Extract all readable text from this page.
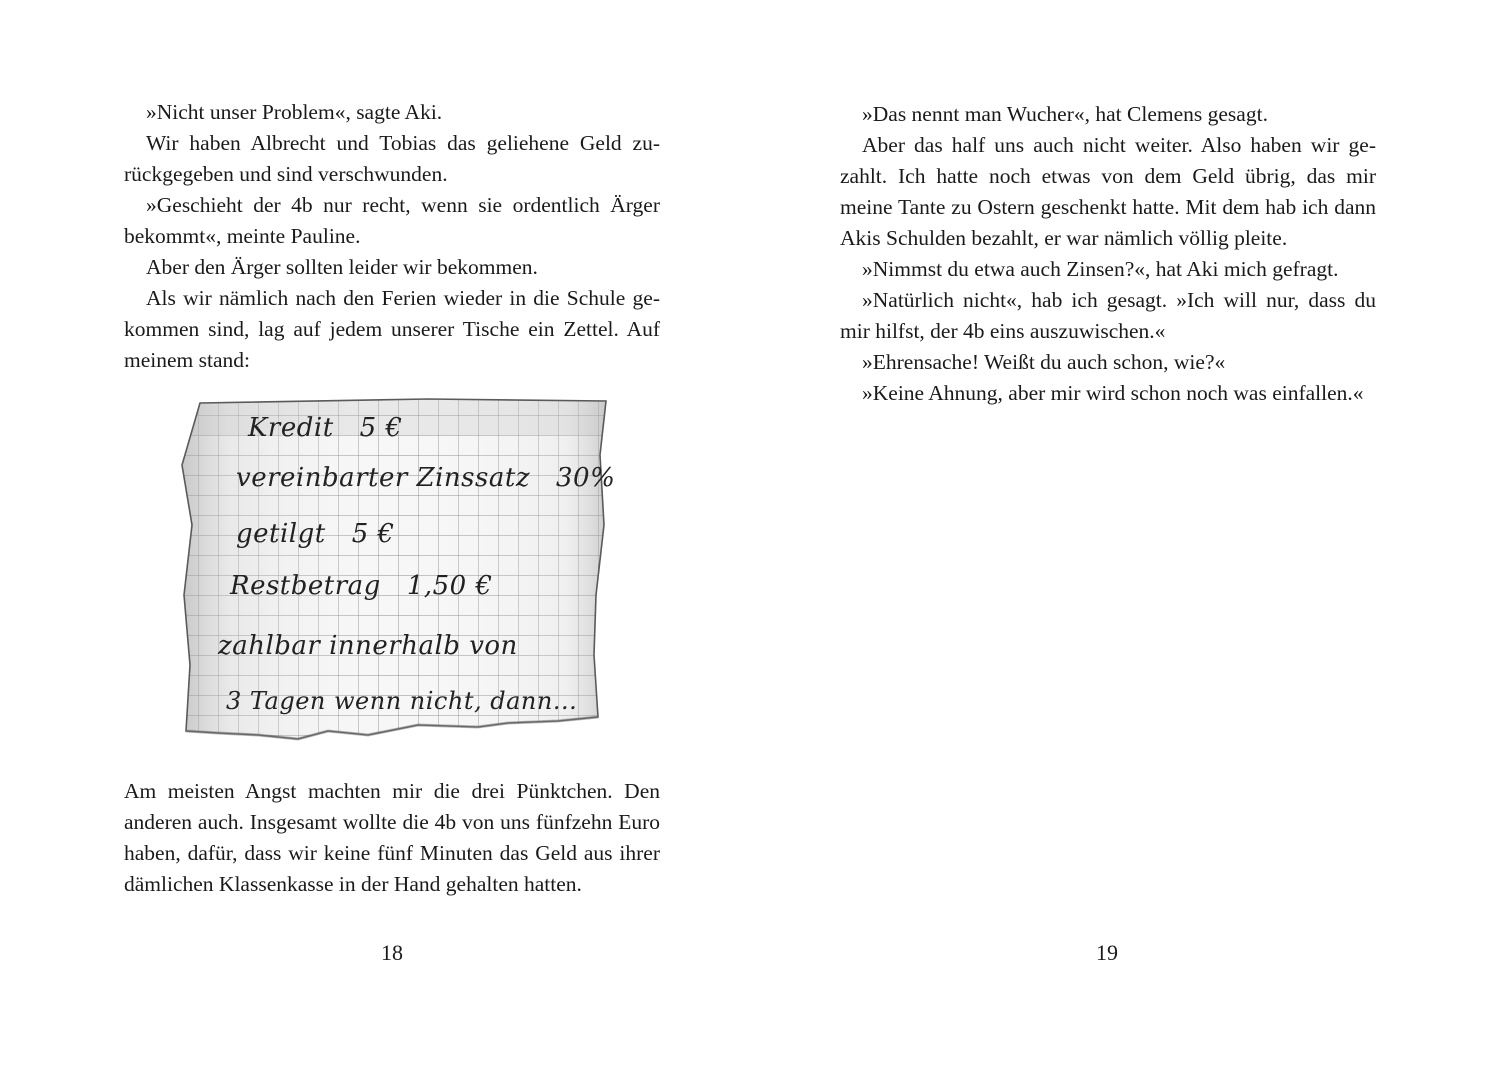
»Nicht unser Problem«, sagte Aki.

Wir haben Albrecht und Tobias das geliehene Geld zurückgegeben und sind verschwunden.

»Geschieht der 4b nur recht, wenn sie ordentlich Ärger bekommt«, meinte Pauline.

Aber den Ärger sollten leider wir bekommen.

Als wir nämlich nach den Ferien wieder in die Schule gekommen sind, lag auf jedem unserer Tische ein Zettel. Auf meinem stand:

Kredit 5 €
vereinbarter Zinssatz 30%
getilgt 5 €
Restbetrag 1,50 €
zahlbar innerhalb von
3 Tagen wenn nicht, dann...

Am meisten Angst machten mir die drei Pünktchen. Den anderen auch. Insgesamt wollte die 4b von uns fünfzehn Euro haben, dafür, dass wir keine fünf Minuten das Geld aus ihrer dämlichen Klassenkasse in der Hand gehalten hatten.

18

»Das nennt man Wucher«, hat Clemens gesagt.

Aber das half uns auch nicht weiter. Also haben wir gezahlt. Ich hatte noch etwas von dem Geld übrig, das mir meine Tante zu Ostern geschenkt hatte. Mit dem hab ich dann Akis Schulden bezahlt, er war nämlich völlig pleite.

»Nimmst du etwa auch Zinsen?«, hat Aki mich gefragt.

»Natürlich nicht«, hab ich gesagt. »Ich will nur, dass du mir hilfst, der 4b eins auszuwischen.«

»Ehrensache! Weißt du auch schon, wie?«

»Keine Ahnung, aber mir wird schon noch was einfallen.«

19
